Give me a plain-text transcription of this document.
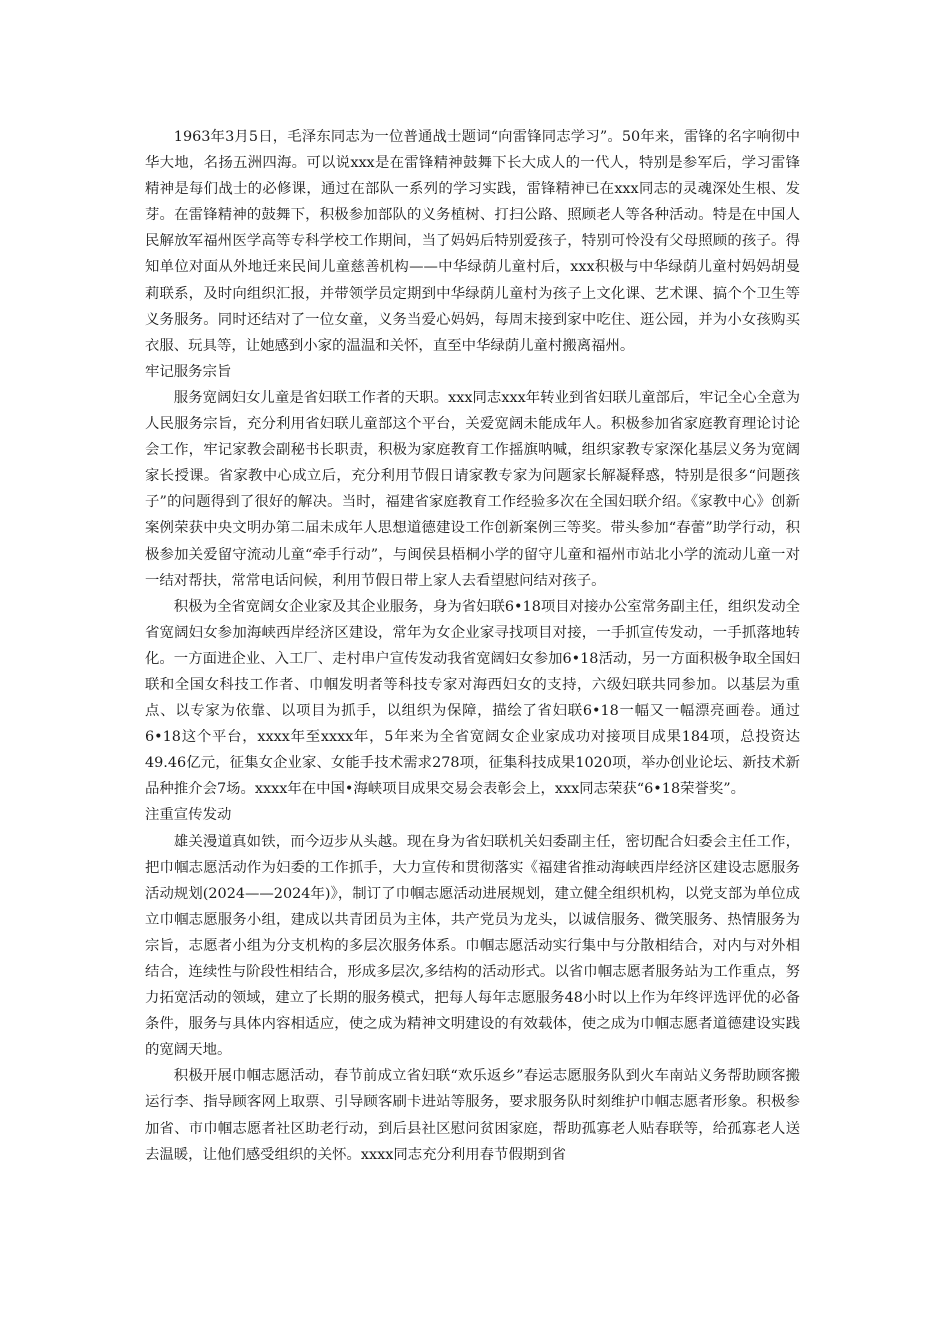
1963年3月5日，毛泽东同志为一位普通战士题词“向雷锋同志学习”。50年来，雷锋的名字响彻中华大地，名扬五洲四海。可以说xxx是在雷锋精神鼓舞下长大成人的一代人，特别是参军后，学习雷锋精神是每们战士的必修课，通过在部队一系列的学习实践，雷锋精神已在xxx同志的灵魂深处生根、发芽。在雷锋精神的鼓舞下，积极参加部队的义务植树、打扫公路、照顾老人等各种活动。特是在中国人民解放军福州医学高等专科学校工作期间，当了妈妈后特别爱孩子，特别可怜没有父母照顾的孩子。得知单位对面从外地迁来民间儿童慈善机构——中华绿荫儿童村后，xxx积极与中华绿荫儿童村妈妈胡曼莉联系，及时向组织汇报，并带领学员定期到中华绿荫儿童村为孩子上文化课、艺术课、搞个个卫生等义务服务。同时还结对了一位女童，义务当爱心妈妈，每周末接到家中吃住、逛公园，并为小女孩购买衣服、玩具等，让她感到小家的温温和关怀，直至中华绿荫儿童村搬离福州。

牢记服务宗旨

服务宽阔妇女儿童是省妇联工作者的天职。xxx同志xxx年转业到省妇联儿童部后，牢记全心全意为人民服务宗旨，充分利用省妇联儿童部这个平台，关爱宽阔未能成年人。积极参加省家庭教育理论讨论会工作，牢记家教会副秘书长职责，积极为家庭教育工作摇旗呐喊，组织家教专家深化基层义务为宽阔家长授课。省家教中心成立后，充分利用节假日请家教专家为问题家长解凝释惑，特别是很多“问题孩子”的问题得到了很好的解决。当时，福建省家庭教育工作经验多次在全国妇联介绍。《家教中心》创新案例荣获中央文明办第二届未成年人思想道德建设工作创新案例三等奖。带头参加“春蕾”助学行动，积极参加关爱留守流动儿童“牵手行动”，与闽侯县梧桐小学的留守儿童和福州市站北小学的流动儿童一对一结对帮扶，常常电话问候，利用节假日带上家人去看望慰问结对孩子。

积极为全省宽阔女企业家及其企业服务，身为省妇联6•18项目对接办公室常务副主任，组织发动全省宽阔妇女参加海峡西岸经济区建设，常年为女企业家寻找项目对接，一手抓宣传发动，一手抓落地转化。一方面进企业、入工厂、走村串户宣传发动我省宽阔妇女参加6•18活动，另一方面积极争取全国妇联和全国女科技工作者、巾帼发明者等科技专家对海西妇女的支持，六级妇联共同参加。以基层为重点、以专家为依靠、以项目为抓手，以组织为保障，描绘了省妇联6•18一幅又一幅漂亮画卷。通过6•18这个平台，xxxx年至xxxx年，5年来为全省宽阔女企业家成功对接项目成果184项，总投资达49.46亿元，征集女企业家、女能手技术需求278项，征集科技成果1020项，举办创业论坛、新技术新品种推介会7场。xxxx年在中国•海峡项目成果交易会表彰会上，xxx同志荣获“6•18荣誉奖”。

注重宣传发动

雄关漫道真如铁，而今迈步从头越。现在身为省妇联机关妇委副主任，密切配合妇委会主任工作，把巾帼志愿活动作为妇委的工作抓手，大力宣传和贯彻落实《福建省推动海峡西岸经济区建设志愿服务活动规划(2024——2024年)》，制订了巾帼志愿活动进展规划，建立健全组织机构，以党支部为单位成立巾帼志愿服务小组，建成以共青团员为主体，共产党员为龙头，以诚信服务、微笑服务、热情服务为宗旨，志愿者小组为分支机构的多层次服务体系。巾帼志愿活动实行集中与分散相结合，对内与对外相结合，连续性与阶段性相结合，形成多层次,多结构的活动形式。以省巾帼志愿者服务站为工作重点，努力拓宽活动的领域，建立了长期的服务模式，把每人每年志愿服务48小时以上作为年终评选评优的必备条件，服务与具体内容相适应，使之成为精神文明建设的有效载体，使之成为巾帼志愿者道德建设实践的宽阔天地。

积极开展巾帼志愿活动，春节前成立省妇联“欢乐返乡”春运志愿服务队到火车南站义务帮助顾客搬运行李、指导顾客网上取票、引导顾客刷卡进站等服务，要求服务队时刻维护巾帼志愿者形象。积极参加省、市巾帼志愿者社区助老行动，到后县社区慰问贫困家庭，帮助孤寡老人贴春联等，给孤寡老人送去温暖，让他们感受组织的关怀。xxxx同志充分利用春节假期到省
